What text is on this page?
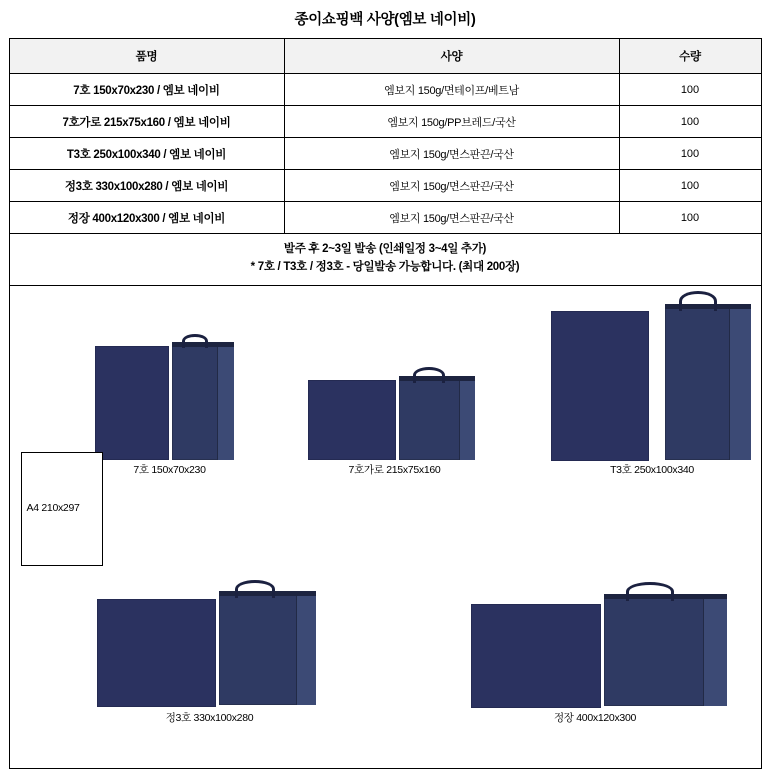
종이쇼핑백 사양(엠보 네이비)
품명	사양	수량
7호 150x70x230 / 엠보 네이비	엠보지 150g/면테이프/베트남	100
7호가로 215x75x160 / 엠보 네이비	엠보지 150g/PP브레드/국산	100
T3호 250x100x340 / 엠보 네이비	엠보지 150g/면스판끈/국산	100
정3호 330x100x280 / 엠보 네이비	엠보지 150g/면스판끈/국산	100
정장 400x120x300 / 엠보 네이비	엠보지 150g/면스판끈/국산	100

발주 후 2~3일 발송 (인쇄일정 3~4일 추가)
* 7호 / T3호 / 정3호 - 당일발송 가능합니다. (최대 200장)		

7호 150x70x230	7호가로 215x75x160	T3호 250x100x340
A4 210x297
정3호 330x100x280	정장 400x120x300
